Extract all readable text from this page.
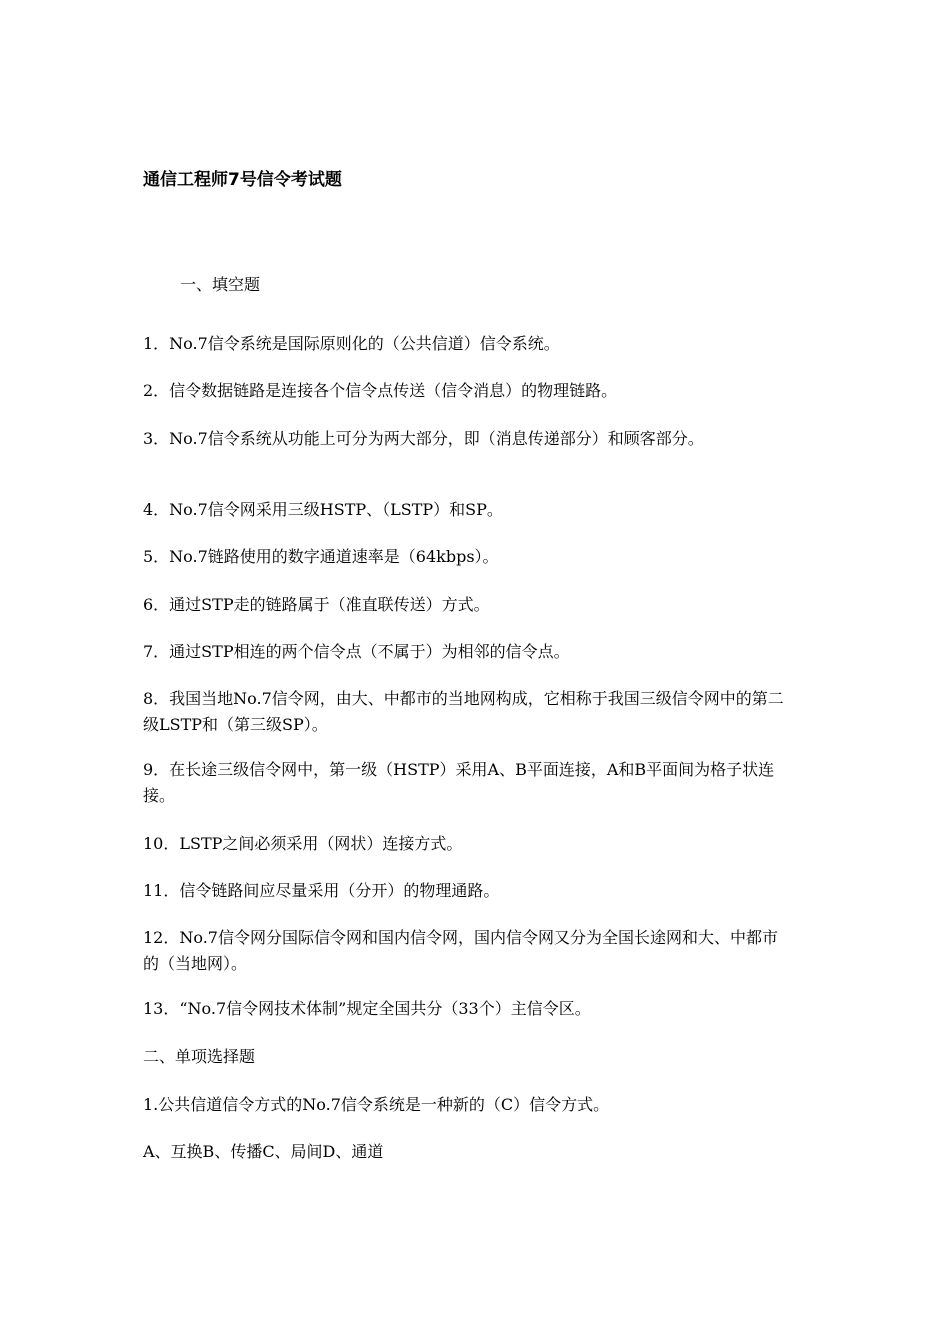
通信工程师7号信令考试题
一、填空题

1．No.7信令系统是国际原则化的（公共信道）信令系统。

2．信令数据链路是连接各个信令点传送（信令消息）的物理链路。

3．No.7信令系统从功能上可分为两大部分，即（消息传递部分）和顾客部分。

4．No.7信令网采用三级HSTP、（LSTP）和SP。

5．No.7链路使用的数字通道速率是（64kbps）。

6．通过STP走的链路属于（准直联传送）方式。

7．通过STP相连的两个信令点（不属于）为相邻的信令点。

8．我国当地No.7信令网，由大、中都市的当地网构成，它相称于我国三级信令网中的第二级LSTP和（第三级SP）。

9．在长途三级信令网中，第一级（HSTP）采用A、B平面连接，A和B平面间为格子状连接。

10．LSTP之间必须采用（网状）连接方式。

11．信令链路间应尽量采用（分开）的物理通路。

12．No.7信令网分国际信令网和国内信令网，国内信令网又分为全国长途网和大、中都市的（当地网）。

13．“No.7信令网技术体制”规定全国共分（33个）主信令区。

二、单项选择题

1.公共信道信令方式的No.7信令系统是一种新的（C）信令方式。

A、互换B、传播C、局间D、通道
